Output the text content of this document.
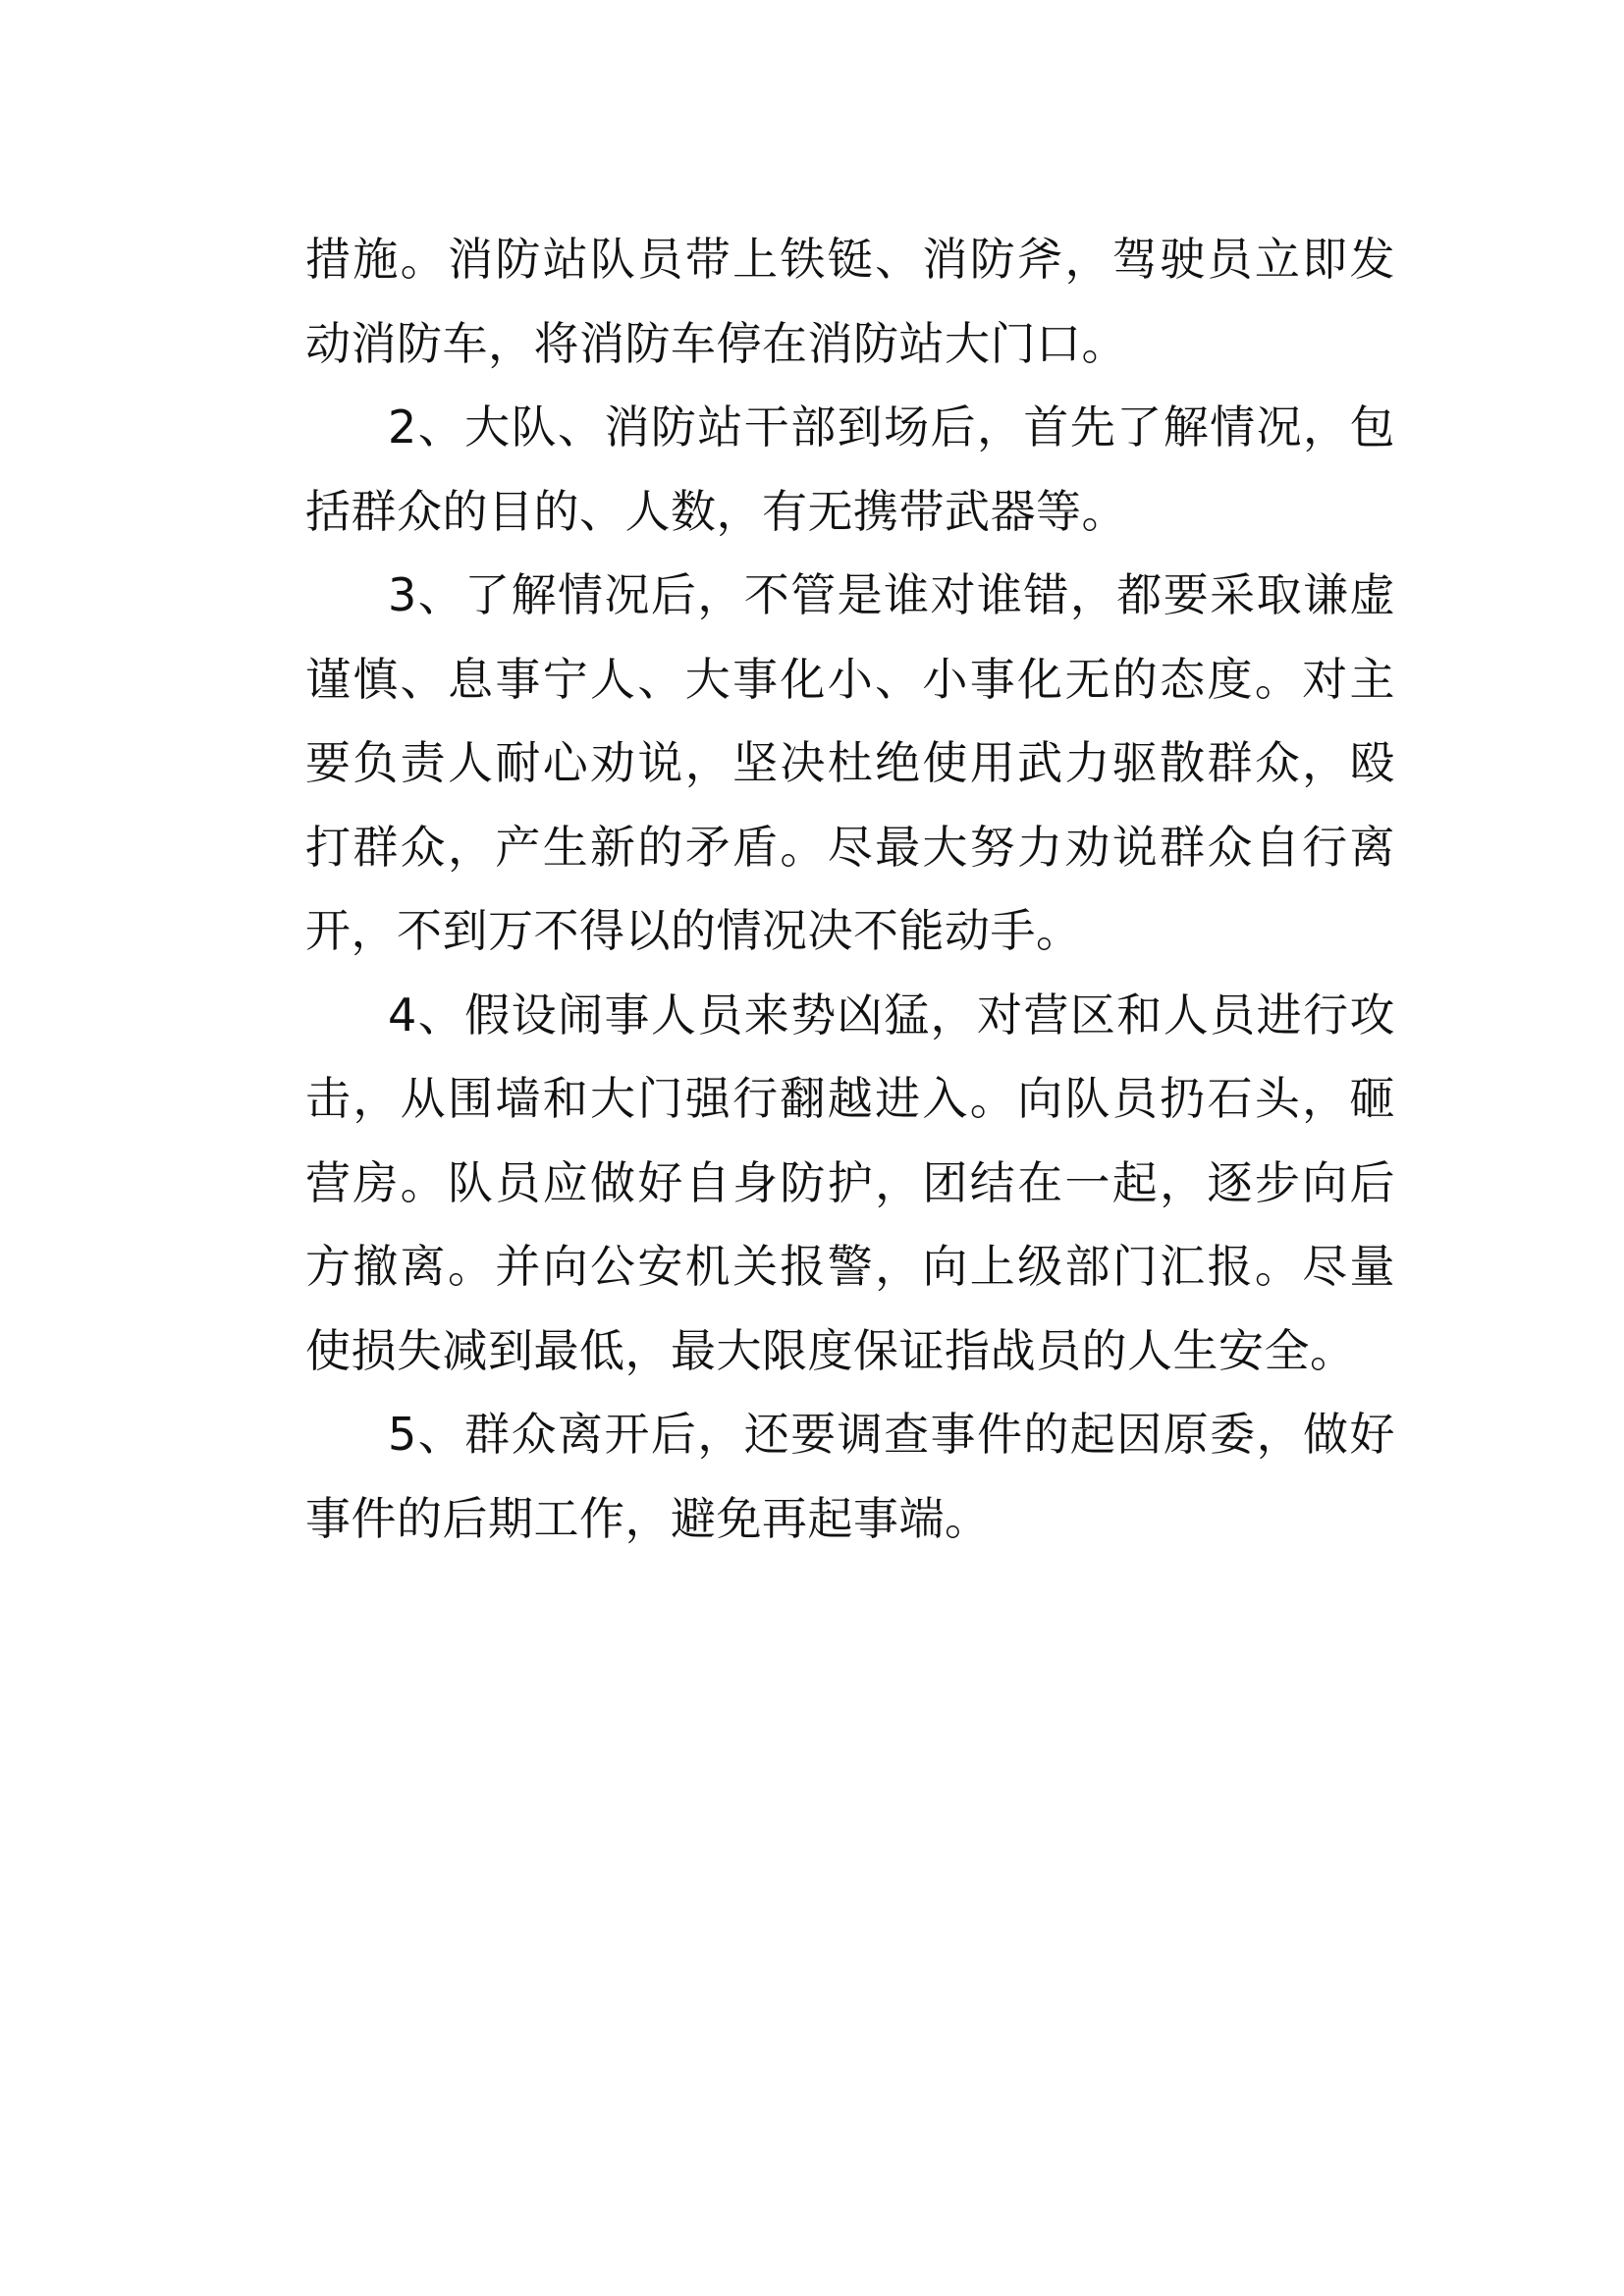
措施。消防站队员带上铁铤、消防斧，驾驶员立即发动消防车，将消防车停在消防站大门口。

2、大队、消防站干部到场后，首先了解情况，包括群众的目的、人数，有无携带武器等。

3、了解情况后，不管是谁对谁错，都要采取谦虚谨慎、息事宁人、大事化小、小事化无的态度。对主要负责人耐心劝说，坚决杜绝使用武力驱散群众，殴打群众，产生新的矛盾。尽最大努力劝说群众自行离开，不到万不得以的情况决不能动手。

4、假设闹事人员来势凶猛，对营区和人员进行攻击，从围墙和大门强行翻越进入。向队员扔石头，砸营房。队员应做好自身防护，团结在一起，逐步向后方撤离。并向公安机关报警，向上级部门汇报。尽量使损失减到最低，最大限度保证指战员的人生安全。

5、群众离开后，还要调查事件的起因原委，做好事件的后期工作，避免再起事端。
